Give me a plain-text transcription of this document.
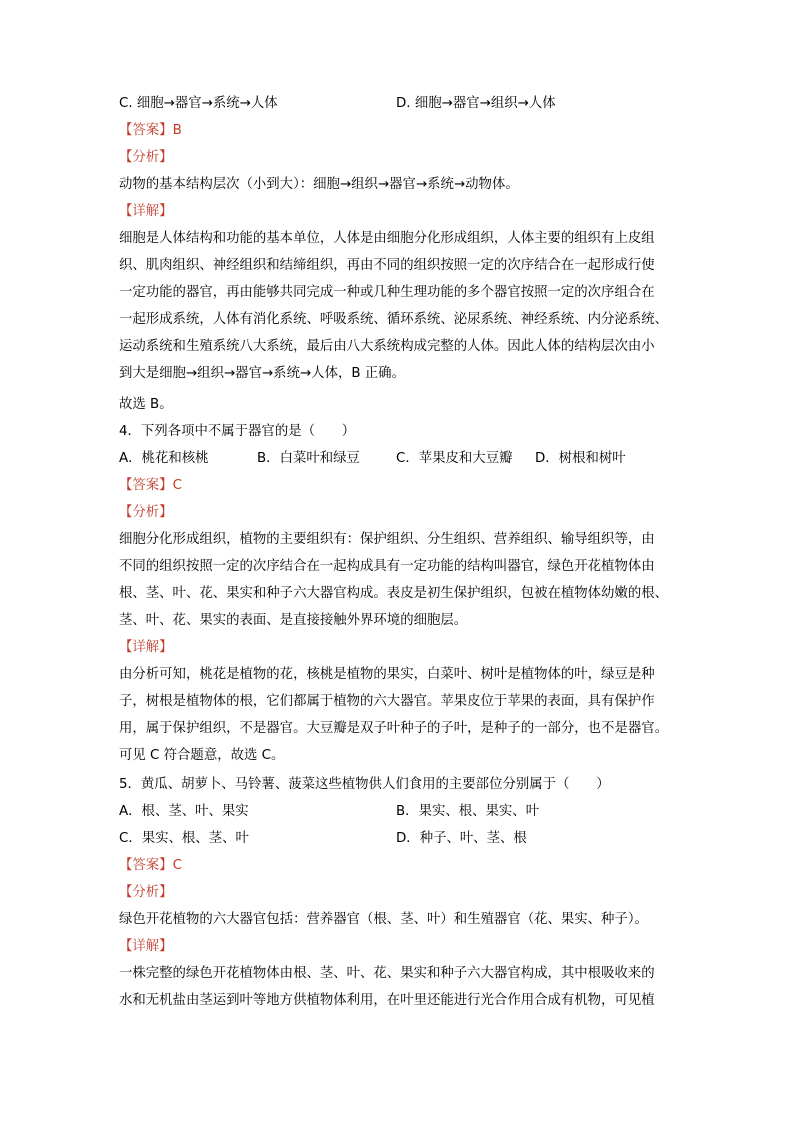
C. 细胞→器官→系统→人体	D. 细胞→器官→组织→人体
【答案】B
【分析】
动物的基本结构层次（小到大）：细胞→组织→器官→系统→动物体。
【详解】
细胞是人体结构和功能的基本单位，人体是由细胞分化形成组织，人体主要的组织有上皮组
织、肌肉组织、神经组织和结缔组织，再由不同的组织按照一定的次序结合在一起形成行使
一定功能的器官，再由能够共同完成一种或几种生理功能的多个器官按照一定的次序组合在
一起形成系统，人体有消化系统、呼吸系统、循环系统、泌尿系统、神经系统、内分泌系统、
运动系统和生殖系统八大系统，最后由八大系统构成完整的人体。因此人体的结构层次由小
到大是细胞→组织→器官→系统→人体，B 正确。
故选 B。
4．下列各项中不属于器官的是（　　）
A．桃花和核桃	B．白菜叶和绿豆	C．苹果皮和大豆瓣 D．树根和树叶
【答案】C
【分析】
细胞分化形成组织，植物的主要组织有：保护组织、分生组织、营养组织、输导组织等，由
不同的组织按照一定的次序结合在一起构成具有一定功能的结构叫器官，绿色开花植物体由
根、茎、叶、花、果实和种子六大器官构成。表皮是初生保护组织，包被在植物体幼嫩的根、
茎、叶、花、果实的表面、是直接接触外界环境的细胞层。
【详解】
由分析可知，桃花是植物的花，核桃是植物的果实，白菜叶、树叶是植物体的叶，绿豆是种
子，树根是植物体的根，它们都属于植物的六大器官。苹果皮位于苹果的表面，具有保护作
用，属于保护组织，不是器官。大豆瓣是双子叶种子的子叶，是种子的一部分，也不是器官。
可见 C 符合题意，故选 C。
5．黄瓜、胡萝卜、马铃薯、菠菜这些植物供人们食用的主要部位分别属于（　　）
A．根、茎、叶、果实	B．果实、根、果实、叶
C．果实、根、茎、叶	D．种子、叶、茎、根
【答案】C
【分析】
绿色开花植物的六大器官包括：营养器官（根、茎、叶）和生殖器官（花、果实、种子）。
【详解】
一株完整的绿色开花植物体由根、茎、叶、花、果实和种子六大器官构成，其中根吸收来的
水和无机盐由茎运到叶等地方供植物体利用，在叶里还能进行光合作用合成有机物，可见植
